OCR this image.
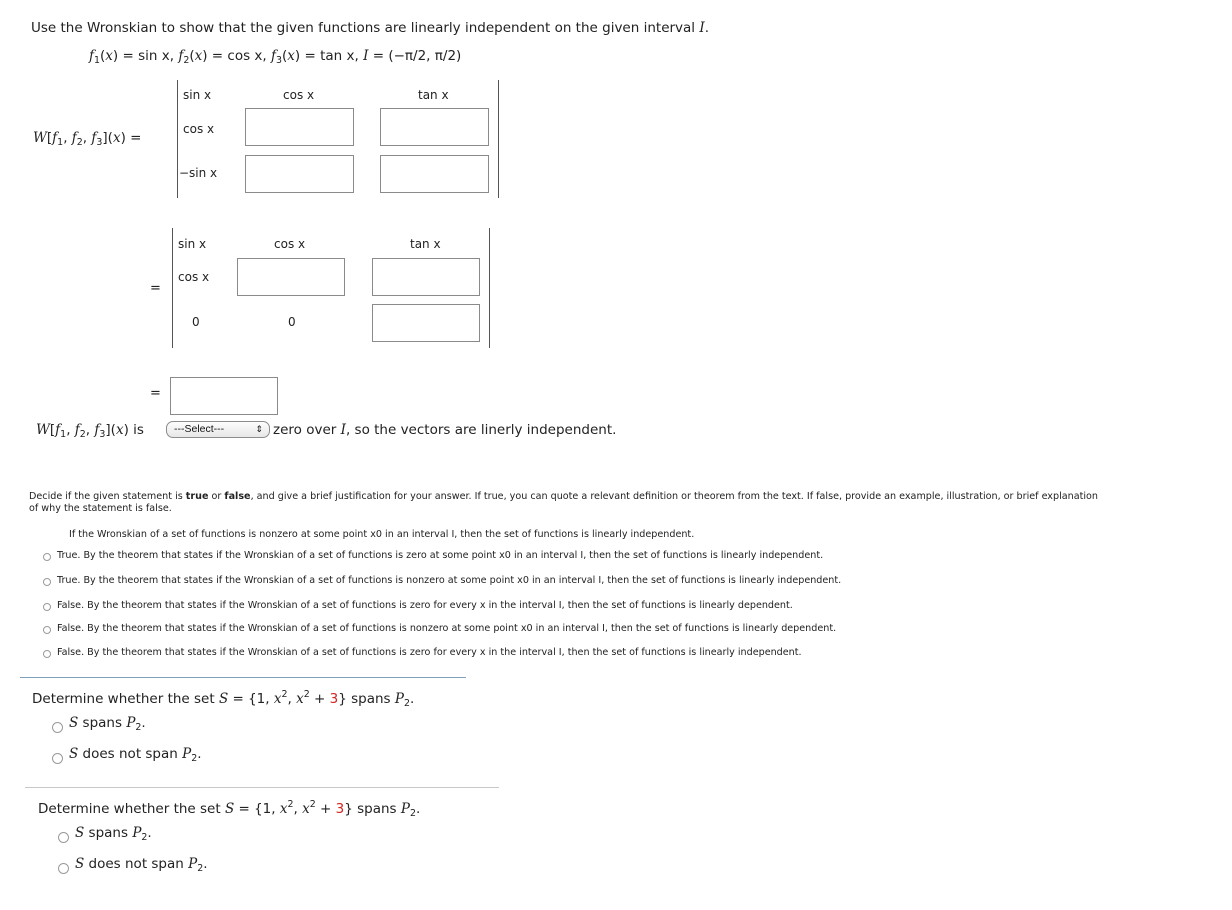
Use the Wronskian to show that the given functions are linearly independent on the given interval I.
$f_1(x) = \sin x$, $f_2(x) = \cos x$, $f_3(x) = \tan x$, I = (−π/2, π/2)
$W[f_1$, $f_2$, $f_3](x)$ =
sin x	cos x	tan x
cos x
−sin x
=
sin x	cos x	tan x
cos x
0	0
=
$W[f_1$, $f_2$, $f_3](x)$ is	---Select---	⇕ zero over I, so the vectors are linerly independent.
Decide if the given statement is true or false, and give a brief justification for your answer. If true, you can quote a relevant definition or theorem from the text. If false, provide an example, illustration, or brief explanation
of why the statement is false.
If the Wronskian of a set of functions is nonzero at some point x0 in an interval I, then the set of functions is linearly independent.
True. By the theorem that states if the Wronskian of a set of functions is zero at some point x0 in an interval I, then the set of functions is linearly independent.
True. By the theorem that states if the Wronskian of a set of functions is nonzero at some point x0 in an interval I, then the set of functions is linearly independent.
False. By the theorem that states if the Wronskian of a set of functions is zero for every x in the interval I, then the set of functions is linearly dependent.
False. By the theorem that states if the Wronskian of a set of functions is nonzero at some point x0 in an interval I, then the set of functions is linearly dependent.
False. By the theorem that states if the Wronskian of a set of functions is zero for every x in the interval I, then the set of functions is linearly independent.
Determine whether the set S = {1, $x^2$, $x^2 + 3$} spans $P_2$.
S spans $P_2$.
S does not span $P_2$.
Determine whether the set S = {1, $x^2$, $x^2 + 3$} spans $P_2$.
S spans $P_2$.
S does not span $P_2$.
